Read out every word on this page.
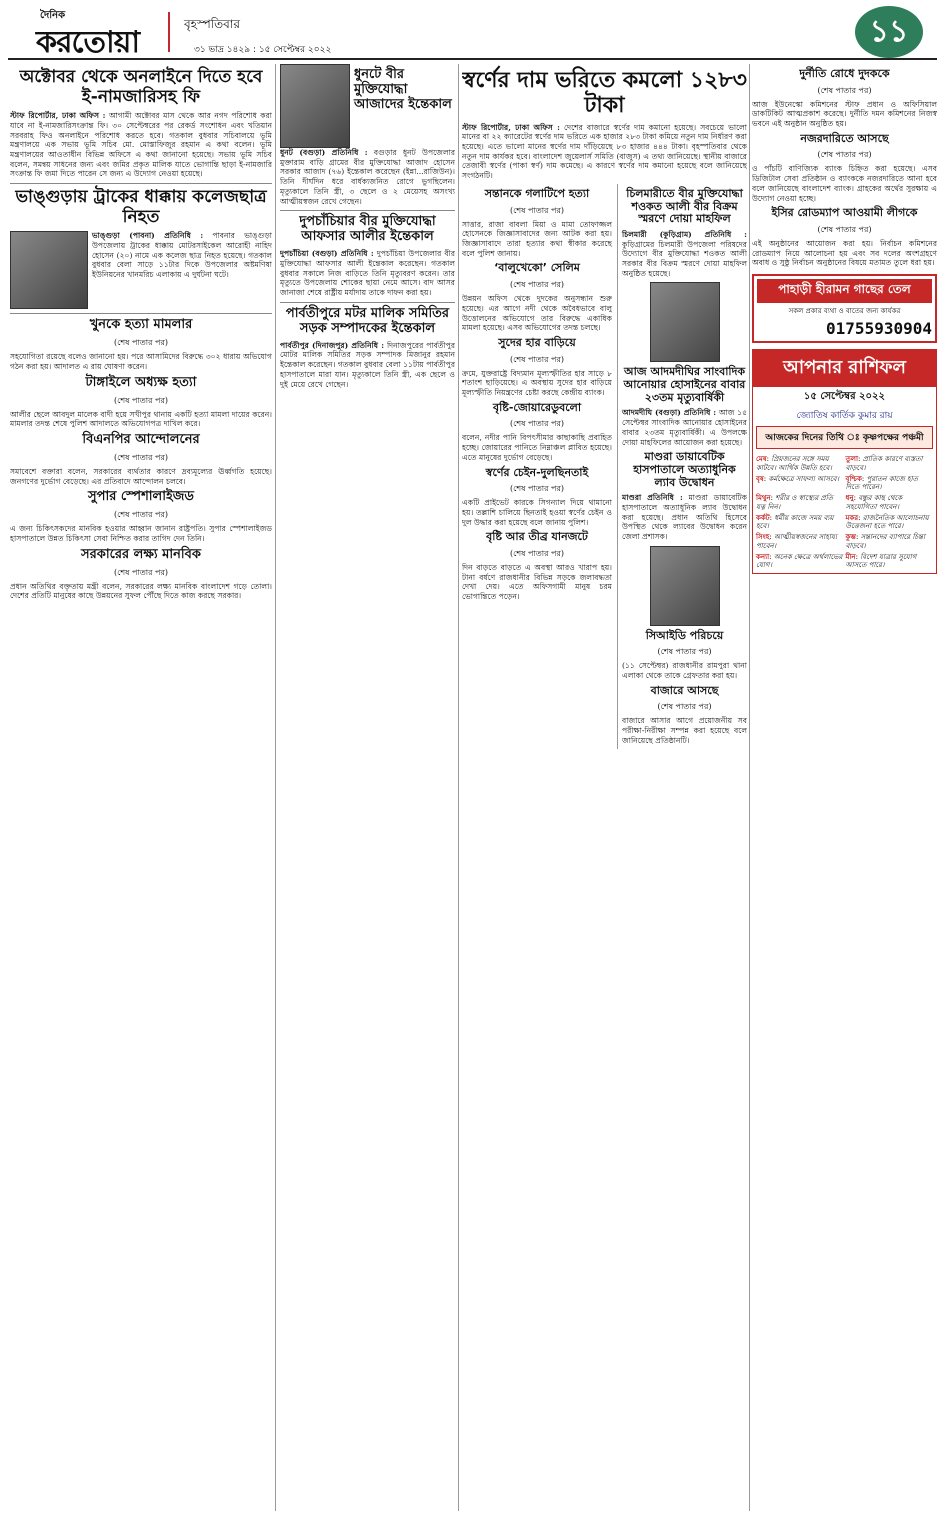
দৈনিক
করতোয়া
বৃহস্পতিবার
৩১ ভাদ্র ১৪২৯ : ১৫ সেপ্টেম্বর ২০২২
১১
অক্টোবর থেকে অনলাইনে দিতে হবে ই-নামজারিসহ ফি
স্টাফ রিপোর্টার, ঢাকা অফিস : আগামী অক্টোবর মাস থেকে আর নগদ পরিশোধ করা যাবে না ই-নামজারিসংক্রান্ত ফি। ৩০ সেপ্টেম্বরের পর রেকর্ড সংশোধন এবং খতিয়ান সরবরাহ ফিও অনলাইনে পরিশোধ করতে হবে। গতকাল বুধবার সচিবালয়ে ভূমি মন্ত্রণালয়ে এক সভায় ভূমি সচিব মো. মোস্তাফিজুর রহমান এ কথা বলেন। ভূমি মন্ত্রণালয়ের আওতাধীন বিভিন্ন অফিসে এ কথা জানানো হয়েছে। সভায় ভূমি সচিব বলেন, সমন্বয় সাধনের জন্য এবং জমির প্রকৃত মালিক যাতে ভোগান্তি ছাড়া ই-নামজারি সংক্রান্ত ফি জমা দিতে পারেন সে জন্য এ উদ্যোগ নেওয়া হয়েছে।
ভাঙ্গুড়ায় ট্রাকের ধাক্কায় কলেজছাত্র নিহত
ভাঙ্গুড়া (পাবনা) প্রতিনিধি : পাবনার ভাঙ্গুড়া উপজেলায় ট্রাকের ধাক্কায় মোটরসাইকেল আরোহী নাহিদ হোসেন (২০) নামে এক কলেজ ছাত্র নিহত হয়েছে। গতকাল বুধবার বেলা সাড়ে ১১টার দিকে উপজেলার অষ্টমণিষা ইউনিয়নের খানমরিচ এলাকায় এ দুর্ঘটনা ঘটে।
খুনকে হত্যা মামলার
(শেষ পাতার পর)
সহযোগিতা রয়েছে বলেও জানানো হয়। পরে আসামিদের বিরুদ্ধে ৩০২ ধারায় অভিযোগ গঠন করা হয়। আদালত এ রায় ঘোষণা করেন।
টাঙ্গাইলে অধ্যক্ষ হত্যা
(শেষ পাতার পর)
আলীর ছেলে আবদুল মালেক বাদী হয়ে সখীপুর থানায় একটি হত্যা মামলা দায়ের করেন। মামলার তদন্ত শেষে পুলিশ আদালতে অভিযোগপত্র দাখিল করে।
বিএনপির আন্দোলনের
(শেষ পাতার পর)
সমাবেশে বক্তারা বলেন, সরকারের ব্যর্থতার কারণে দ্রব্যমূল্যের ঊর্ধ্বগতি হয়েছে। জনগণের দুর্ভোগ বেড়েছে। এর প্রতিবাদে আন্দোলন চলবে।
সুপার স্পেশালাইজড
(শেষ পাতার পর)
এ জন্য চিকিৎসকদের মানবিক হওয়ার আহ্বান জানান রাষ্ট্রপতি। সুপার স্পেশালাইজড হাসপাতালে উন্নত চিকিৎসা সেবা নিশ্চিত করার তাগিদ দেন তিনি।
সরকারের লক্ষ্য মানবিক
(শেষ পাতার পর)
প্রধান অতিথির বক্তৃতায় মন্ত্রী বলেন, সরকারের লক্ষ্য মানবিক বাংলাদেশ গড়ে তোলা। দেশের প্রতিটি মানুষের কাছে উন্নয়নের সুফল পৌঁছে দিতে কাজ করছে সরকার।
ধুনটে বীর মুক্তিযোদ্ধা আজাদের ইন্তেকাল
ধুনট (বগুড়া) প্রতিনিধি : বগুড়ার ধুনট উপজেলার মুক্তারাম বাড়ি গ্রামের বীর মুক্তিযোদ্ধা আজাদ হোসেন সরকার আজাদ (৭৬) ইন্তেকাল করেছেন (ইন্না...রাজিউন)। তিনি দীর্ঘদিন ধরে বার্ধক্যজনিত রোগে ভুগছিলেন। মৃত্যুকালে তিনি স্ত্রী, ৩ ছেলে ও ২ মেয়েসহ অসংখ্য আত্মীয়স্বজন রেখে গেছেন।
দুপচাঁচিয়ার বীর মুক্তিযোদ্ধা আফসার আলীর ইন্তেকাল
দুপচাঁচিয়া (বগুড়া) প্রতিনিধি : দুপচাঁচিয়া উপজেলার বীর মুক্তিযোদ্ধা আফসার আলী ইন্তেকাল করেছেন। গতকাল বুধবার সকালে নিজ বাড়িতে তিনি মৃত্যুবরণ করেন। তার মৃত্যুতে উপজেলায় শোকের ছায়া নেমে আসে। বাদ আসর জানাজা শেষে রাষ্ট্রীয় মর্যাদায় তাকে দাফন করা হয়।
পার্বতীপুরে মটর মালিক সমিতির সড়ক সম্পাদকের ইন্তেকাল
পার্বতীপুর (দিনাজপুর) প্রতিনিধি : দিনাজপুরের পার্বতীপুর মোটর মালিক সমিতির সড়ক সম্পাদক মিজানুর রহমান ইন্তেকাল করেছেন। গতকাল বুধবার বেলা ১১টায় পার্বতীপুর হাসপাতালে মারা যান। মৃত্যুকালে তিনি স্ত্রী, এক ছেলে ও দুই মেয়ে রেখে গেছেন।
স্বর্ণের দাম ভরিতে কমলো ১২৮৩ টাকা
স্টাফ রিপোর্টার, ঢাকা অফিস : দেশের বাজারে স্বর্ণের দাম কমানো হয়েছে। সবচেয়ে ভালো মানের বা ২২ ক্যারেটের স্বর্ণের দাম ভরিতে এক হাজার ২৮৩ টাকা কমিয়ে নতুন দাম নির্ধারণ করা হয়েছে। এতে ভালো মানের স্বর্ণের দাম দাঁড়িয়েছে ৮৩ হাজার ৪৪৪ টাকা। বৃহস্পতিবার থেকে নতুন দাম কার্যকর হবে। বাংলাদেশ জুয়েলার্স সমিতি (বাজুস) এ তথ্য জানিয়েছে। স্থানীয় বাজারে তেজাবী স্বর্ণের (পাকা স্বর্ণ) দাম কমেছে। এ কারণে স্বর্ণের দাম কমানো হয়েছে বলে জানিয়েছে সংগঠনটি।
সন্তানকে গলাটিপে হত্যা
(শেষ পাতার পর)
সাত্তার, রাজা বাবলা মিয়া ও মামা তোফাজ্জল হোসেনকে জিজ্ঞাসাবাদের জন্য আটক করা হয়। জিজ্ঞাসাবাদে তারা হত্যার কথা স্বীকার করেছে বলে পুলিশ জানায়।
‘বালুখেকো’ সেলিম
(শেষ পাতার পর)
উন্নয়ন অফিস থেকে দুদকের অনুসন্ধান শুরু হয়েছে। এর আগে নদী থেকে অবৈধভাবে বালু উত্তোলনের অভিযোগে তার বিরুদ্ধে একাধিক মামলা হয়েছে। এসব অভিযোগের তদন্ত চলছে।
সুদের হার বাড়িয়ে
(শেষ পাতার পর)
ক্রমে, যুক্তরাষ্ট্রে বিদ্যমান মূল্যস্ফীতির হার সাড়ে ৮ শতাংশ ছাড়িয়েছে। এ অবস্থায় সুদের হার বাড়িয়ে মূল্যস্ফীতি নিয়ন্ত্রণের চেষ্টা করছে কেন্দ্রীয় ব্যাংক।
বৃষ্টি-জোয়ারেডুবলো
(শেষ পাতার পর)
বলেন, নদীর পানি বিপৎসীমার কাছাকাছি প্রবাহিত হচ্ছে। জোয়ারের পানিতে নিম্নাঞ্চল প্লাবিত হয়েছে। এতে মানুষের দুর্ভোগ বেড়েছে।
স্বর্ণের চেইন-দুলছিনতাই
(শেষ পাতার পর)
একটি প্রাইভেট কারকে সিগন্যাল দিয়ে থামানো হয়। তল্লাশি চালিয়ে ছিনতাই হওয়া স্বর্ণের চেইন ও দুল উদ্ধার করা হয়েছে বলে জানায় পুলিশ।
বৃষ্টি আর তীব্র যানজটে
(শেষ পাতার পর)
দিন বাড়তে বাড়তে এ অবস্থা আরও খারাপ হয়। টানা বর্ষণে রাজধানীর বিভিন্ন সড়কে জলাবদ্ধতা দেখা দেয়। এতে অফিসগামী মানুষ চরম ভোগান্তিতে পড়েন।
চিলমারীতে বীর মুক্তিযোদ্ধা শওকত আলী বীর বিক্রম স্মরণে দোয়া মাহফিল
চিলমারী (কুড়িগ্রাম) প্রতিনিধি : কুড়িগ্রামের চিলমারী উপজেলা পরিষদের উদ্যোগে বীর মুক্তিযোদ্ধা শওকত আলী সরকার বীর বিক্রম স্মরণে দোয়া মাহফিল অনুষ্ঠিত হয়েছে।
আজ আদমদীঘির সাংবাদিক আনোয়ার হোসাইনের বাবার ২৩তম মৃত্যুবার্ষিকী
আদমদীঘি (বগুড়া) প্রতিনিধি : আজ ১৫ সেপ্টেম্বর সাংবাদিক আনোয়ার হোসাইনের বাবার ২৩তম মৃত্যুবার্ষিকী। এ উপলক্ষে দোয়া মাহফিলের আয়োজন করা হয়েছে।
মাণ্ডরা ডায়াবেটিক হাসপাতালে অত্যাধুনিক ল্যাব উদ্বোধন
মাণ্ডরা প্রতিনিধি : মাণ্ডরা ডায়াবেটিক হাসপাতালে অত্যাধুনিক ল্যাব উদ্বোধন করা হয়েছে। প্রধান অতিথি হিসেবে উপস্থিত থেকে ল্যাবের উদ্বোধন করেন জেলা প্রশাসক।
সিআইডি পরিচয়ে
(শেষ পাতার পর)
(১১ সেপ্টেম্বর) রাজধানীর রামপুরা থানা এলাকা থেকে তাকে গ্রেফতার করা হয়।
বাজারে আসছে
(শেষ পাতার পর)
বাজারে আসার আগে প্রয়োজনীয় সব পরীক্ষা-নিরীক্ষা সম্পন্ন করা হয়েছে বলে জানিয়েছে প্রতিষ্ঠানটি।
দুর্নীতি রোধে দুদককে
(শেষ পাতার পর)
আজ ইউনেস্কো কমিশনের স্টাফ প্রধান ও অফিসিয়াল ডাকটিকিট আত্মপ্রকাশ করেছে। দুর্নীতি দমন কমিশনের নিজস্ব ভবনে এই অনুষ্ঠান অনুষ্ঠিত হয়।
নজরদারিতে আসছে
(শেষ পাতার পর)
ও পাঁচটি বাণিজ্যিক ব্যাংক চিহ্নিত করা হয়েছে। এসব ডিজিটাল সেবা প্রতিষ্ঠান ও ব্যাংককে নজরদারিতে আনা হবে বলে জানিয়েছে বাংলাদেশ ব্যাংক। গ্রাহকের অর্থের সুরক্ষায় এ উদ্যোগ নেওয়া হচ্ছে।
ইসির রোডম্যাপ আওয়ামী লীগকে
(শেষ পাতার পর)
এই অনুষ্ঠানের আয়োজন করা হয়। নির্বাচন কমিশনের রোডম্যাপ নিয়ে আলোচনা হয় এবং সব দলের অংশগ্রহণে অবাধ ও সুষ্ঠু নির্বাচন অনুষ্ঠানের বিষয়ে মতামত তুলে ধরা হয়।
পাহাড়ী হীরামন গাছের তেল
সকল প্রকার ব্যথা ও বাতের জন্য কার্যকর
01755930904
আপনার রাশিফল
১৫ সেপ্টেম্বর ২০২২
জ্যোতিষ কার্তিক কুমার রায়
আজকের দিনের তিথি ঃ কৃষ্ণপক্ষের পঞ্চমী
মেষ: প্রিয়জনের সঙ্গে সময় কাটবে। আর্থিক উন্নতি হবে।
তুলা: প্রাতিক কারণে ব্যস্ততা বাড়বে।
বৃষ: কর্মক্ষেত্রে সাফল্য আসবে। বৃশ্চিক: পুরাতন কাজে হাত দিতে পারেন।
মিথুন: শরীর ও স্বাস্থ্যের প্রতি যত্ন নিন।
ধনু: বন্ধুর কাছ থেকে সহযোগিতা পাবেন।
কর্কট: ধর্মীয় কাজে সময় ব্যয় হবে।
মকর: রাজনৈতিক আলোচনায় উত্তেজনা হতে পারে।
সিংহ: আত্মীয়স্বজনের সাহায্য পাবেন।
কুম্ভ: সন্তানদের ব্যাপারে চিন্তা বাড়বে।
কন্যা: অনেক ক্ষেত্রে অর্থলাভের যোগ।
মীন: বিদেশ যাত্রার সুযোগ আসতে পারে।
